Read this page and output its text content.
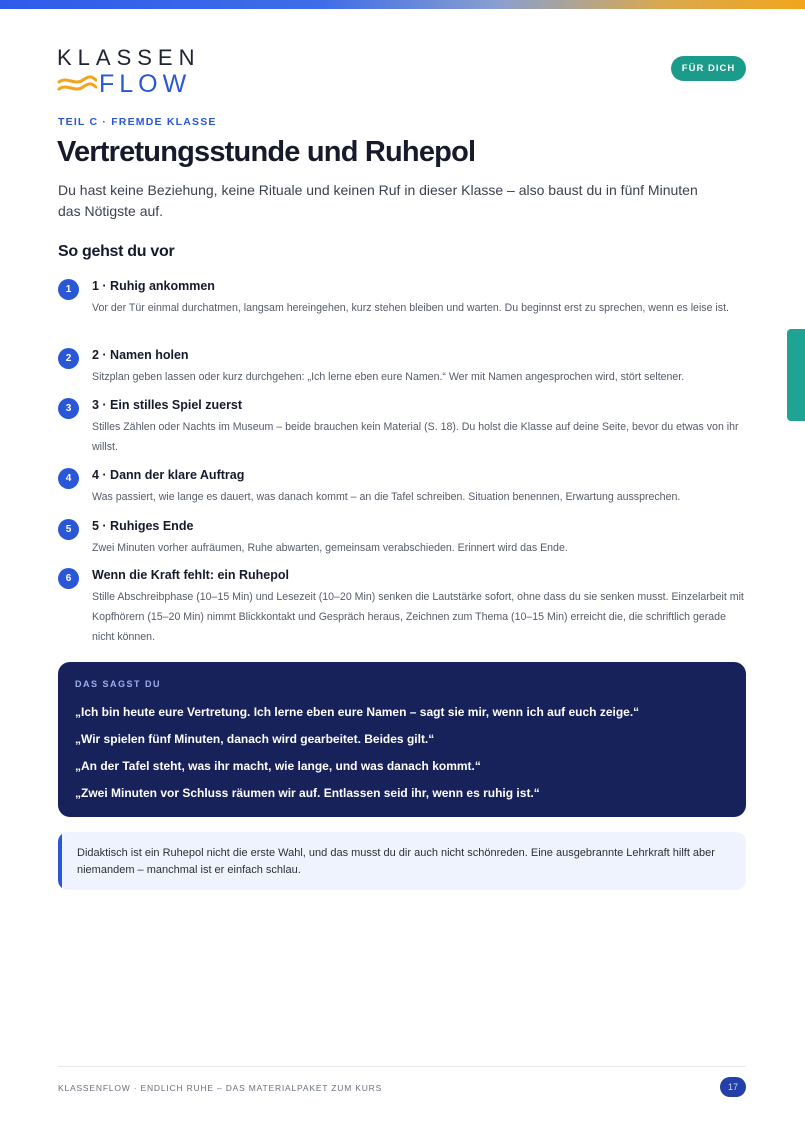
KLASSEN
FLOW
FÜR DICH
TEIL C · FREMDE KLASSE
Vertretungsstunde und Ruhepol

Du hast keine Beziehung, keine Rituale und keinen Ruf in dieser Klasse – also baust du in fünf Minuten das Nötigste auf.

So gehst du vor
1	1 · Ruhig ankommen
Vor der Tür einmal durchatmen, langsam hereingehen, kurz stehen bleiben und warten. Du beginnst erst zu sprechen, wenn es leise ist.
2	2 · Namen holen
Sitzplan geben lassen oder kurz durchgehen: „Ich lerne eben eure Namen.“ Wer mit Namen angesprochen wird, stört seltener.
3	3 · Ein stilles Spiel zuerst
Stilles Zählen oder Nachts im Museum – beide brauchen kein Material (S. 18). Du holst die Klasse auf deine Seite, bevor du etwas von ihr willst.
4	4 · Dann der klare Auftrag
Was passiert, wie lange es dauert, was danach kommt – an die Tafel schreiben. Situation benennen, Erwartung aussprechen.
5	5 · Ruhiges Ende
Zwei Minuten vorher aufräumen, Ruhe abwarten, gemeinsam verabschieden. Erinnert wird das Ende.
6	Wenn die Kraft fehlt: ein Ruhepol
Stille Abschreibphase (10–15 Min) und Lesezeit (10–20 Min) senken die Lautstärke sofort, ohne dass du sie senken musst. Einzelarbeit mit Kopfhörern (15–20 Min) nimmt Blickkontakt und Gespräch heraus, Zeichnen zum Thema (10–15 Min) erreicht die, die schriftlich gerade nicht können.
DAS SAGST DU
„Ich bin heute eure Vertretung. Ich lerne eben eure Namen – sagt sie mir, wenn ich auf euch zeige.“
„Wir spielen fünf Minuten, danach wird gearbeitet. Beides gilt.“
„An der Tafel steht, was ihr macht, wie lange, und was danach kommt.“
„Zwei Minuten vor Schluss räumen wir auf. Entlassen seid ihr, wenn es ruhig ist.“
Didaktisch ist ein Ruhepol nicht die erste Wahl, und das musst du dir auch nicht schönreden. Eine ausgebrannte Lehrkraft hilft aber niemandem – manchmal ist er einfach schlau.
KLASSENFLOW · ENDLICH RUHE – DAS MATERIALPAKET ZUM KURS	17
